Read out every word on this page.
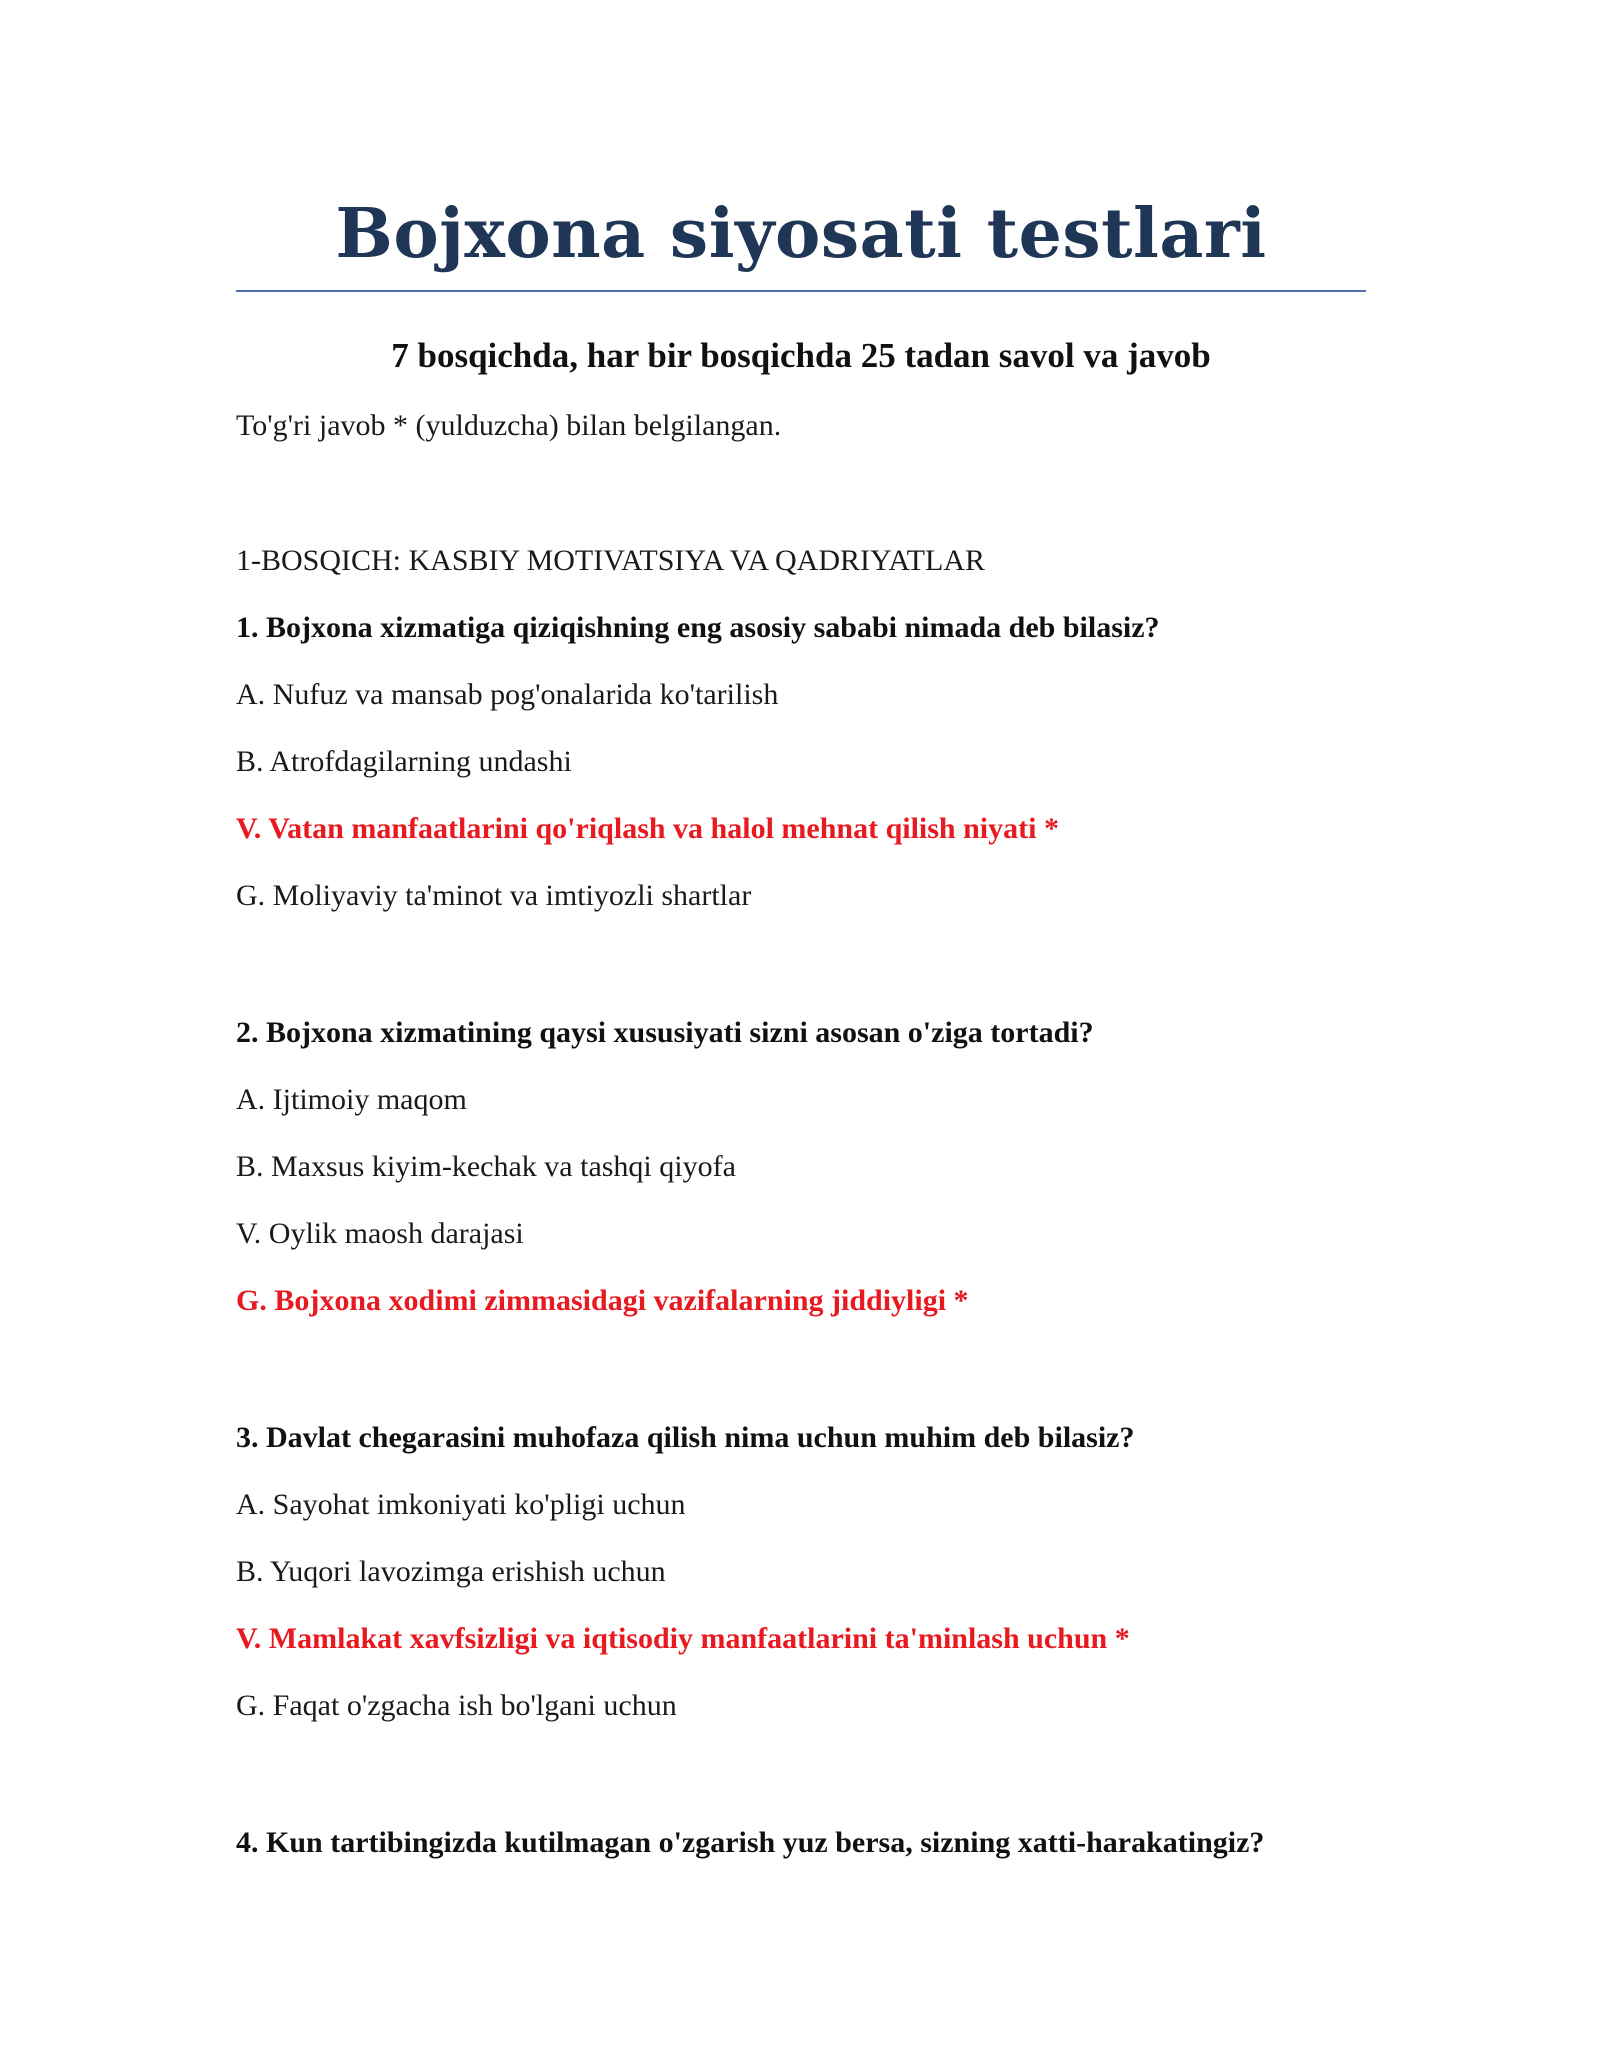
Bojxona siyosati testlari
7 bosqichda, har bir bosqichda 25 tadan savol va javob

To'g'ri javob * (yulduzcha) bilan belgilangan.

1-BOSQICH: KASBIY MOTIVATSIYA VA QADRIYATLAR

1. Bojxona xizmatiga qiziqishning eng asosiy sababi nimada deb bilasiz?

A. Nufuz va mansab pog'onalarida ko'tarilish

B. Atrofdagilarning undashi

V. Vatan manfaatlarini qo'riqlash va halol mehnat qilish niyati *

G. Moliyaviy ta'minot va imtiyozli shartlar

2. Bojxona xizmatining qaysi xususiyati sizni asosan o'ziga tortadi?

A. Ijtimoiy maqom

B. Maxsus kiyim-kechak va tashqi qiyofa

V. Oylik maosh darajasi

G. Bojxona xodimi zimmasidagi vazifalarning jiddiyligi *

3. Davlat chegarasini muhofaza qilish nima uchun muhim deb bilasiz?

A. Sayohat imkoniyati ko'pligi uchun

B. Yuqori lavozimga erishish uchun

V. Mamlakat xavfsizligi va iqtisodiy manfaatlarini ta'minlash uchun *

G. Faqat o'zgacha ish bo'lgani uchun

4. Kun tartibingizda kutilmagan o'zgarish yuz bersa, sizning xatti-harakatingiz?
